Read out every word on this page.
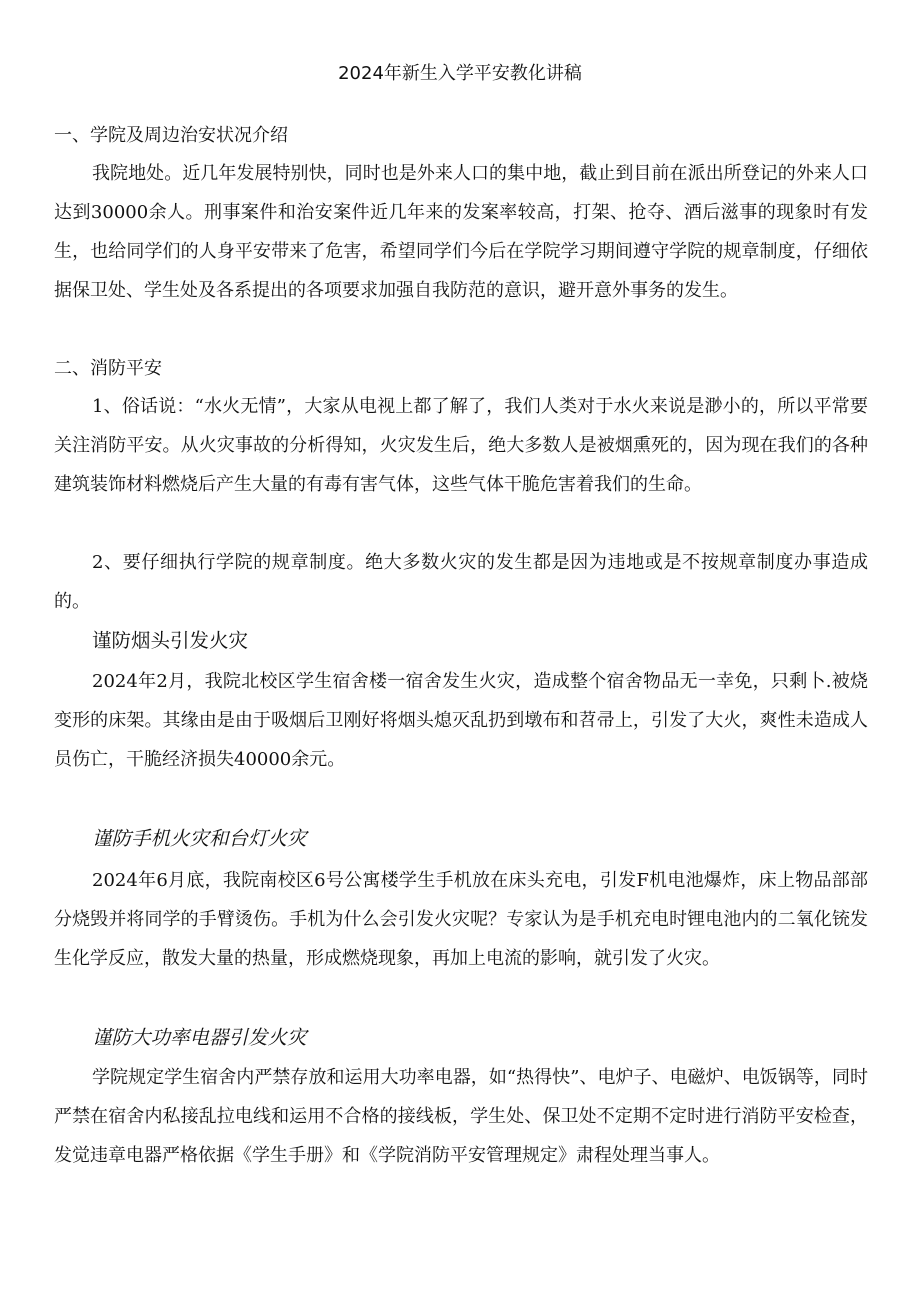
2024年新生入学平安教化讲稿
一、学院及周边治安状况介绍

我院地处。近几年发展特别快，同时也是外来人口的集中地，截止到目前在派出所登记的外来人口达到30000余人。刑事案件和治安案件近几年来的发案率较高，打架、抢夺、酒后滋事的现象时有发生，也给同学们的人身平安带来了危害，希望同学们今后在学院学习期间遵守学院的规章制度，仔细依据保卫处、学生处及各系提出的各项要求加强自我防范的意识，避开意外事务的发生。

二、消防平安

1、俗话说：“水火无情”，大家从电视上都了解了，我们人类对于水火来说是渺小的，所以平常要关注消防平安。从火灾事故的分析得知，火灾发生后，绝大多数人是被烟熏死的，因为现在我们的各种建筑装饰材料燃烧后产生大量的有毒有害气体，这些气体干脆危害着我们的生命。

2、要仔细执行学院的规章制度。绝大多数火灾的发生都是因为违地或是不按规章制度办事造成的。

谨防烟头引发火灾

2024年2月，我院北校区学生宿舍楼一宿舍发生火灾，造成整个宿舍物品无一幸免，只剩卜.被烧变形的床架。其缘由是由于吸烟后卫刚好将烟头熄灭乱扔到墩布和苕帚上，引发了大火，爽性未造成人员伤亡，干脆经济损失40000余元。

谨防手机火灾和台灯火灾

2024年6月底，我院南校区6号公寓楼学生手机放在床头充电，引发F机电池爆炸，床上物品部部分烧毁并将同学的手臂烫伤。手机为什么会引发火灾呢？专家认为是手机充电时锂电池内的二氧化铳发生化学反应，散发大量的热量，形成燃烧现象，再加上电流的影响，就引发了火灾。

谨防大功率电器引发火灾

学院规定学生宿舍内严禁存放和运用大功率电器，如“热得快”、电炉子、电磁炉、电饭锅等，同时严禁在宿舍内私接乱拉电线和运用不合格的接线板，学生处、保卫处不定期不定时进行消防平安检查，发觉违章电器严格依据《学生手册》和《学院消防平安管理规定》肃程处理当事人。
